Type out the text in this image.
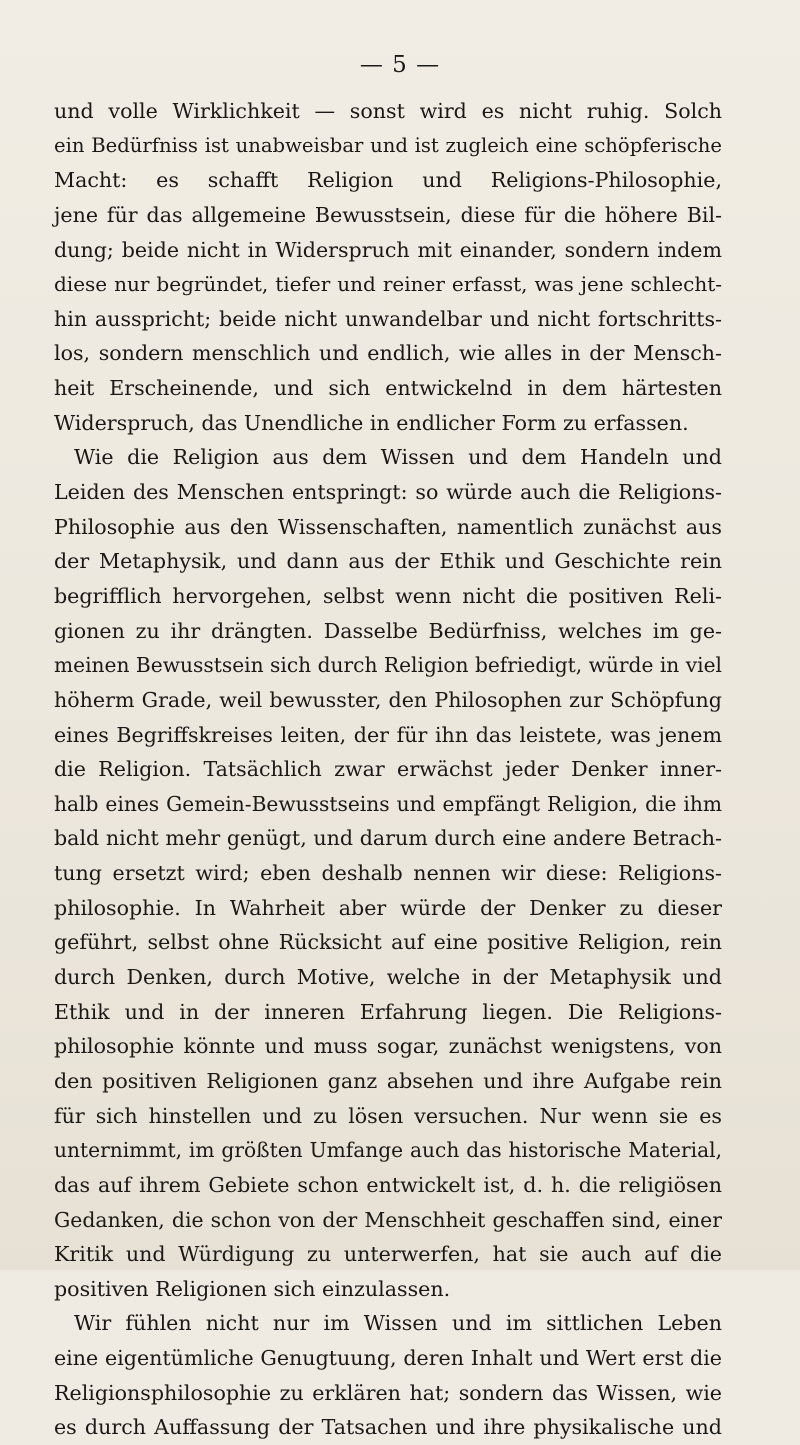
— 5 —
und volle Wirklichkeit — sonst wird es nicht ruhig. Solch
ein Bedürfniss ist unabweisbar und ist zugleich eine schöpferische
Macht: es schafft Religion und Religions-Philosophie,
jene für das allgemeine Bewusstsein, diese für die höhere Bil-
dung; beide nicht in Widerspruch mit einander, sondern indem
diese nur begründet, tiefer und reiner erfasst, was jene schlecht-
hin ausspricht; beide nicht unwandelbar und nicht fortschritts-
los, sondern menschlich und endlich, wie alles in der Mensch-
heit Erscheinende, und sich entwickelnd in dem härtesten
Widerspruch, das Unendliche in endlicher Form zu erfassen.
Wie die Religion aus dem Wissen und dem Handeln und
Leiden des Menschen entspringt: so würde auch die Religions-
Philosophie aus den Wissenschaften, namentlich zunächst aus
der Metaphysik, und dann aus der Ethik und Geschichte rein
begrifflich hervorgehen, selbst wenn nicht die positiven Reli-
gionen zu ihr drängten. Dasselbe Bedürfniss, welches im ge-
meinen Bewusstsein sich durch Religion befriedigt, würde in viel
höherm Grade, weil bewusster, den Philosophen zur Schöpfung
eines Begriffskreises leiten, der für ihn das leistete, was jenem
die Religion. Tatsächlich zwar erwächst jeder Denker inner-
halb eines Gemein-Bewusstseins und empfängt Religion, die ihm
bald nicht mehr genügt, und darum durch eine andere Betrach-
tung ersetzt wird; eben deshalb nennen wir diese: Religions-
philosophie. In Wahrheit aber würde der Denker zu dieser
geführt, selbst ohne Rücksicht auf eine positive Religion, rein
durch Denken, durch Motive, welche in der Metaphysik und
Ethik und in der inneren Erfahrung liegen. Die Religions-
philosophie könnte und muss sogar, zunächst wenigstens, von
den positiven Religionen ganz absehen und ihre Aufgabe rein
für sich hinstellen und zu lösen versuchen. Nur wenn sie es
unternimmt, im größten Umfange auch das historische Material,
das auf ihrem Gebiete schon entwickelt ist, d. h. die religiösen
Gedanken, die schon von der Menschheit geschaffen sind, einer
Kritik und Würdigung zu unterwerfen, hat sie auch auf die
positiven Religionen sich einzulassen.
Wir fühlen nicht nur im Wissen und im sittlichen Leben
eine eigentümliche Genugtuung, deren Inhalt und Wert erst die
Religionsphilosophie zu erklären hat; sondern das Wissen, wie
es durch Auffassung der Tatsachen und ihre physikalische und
